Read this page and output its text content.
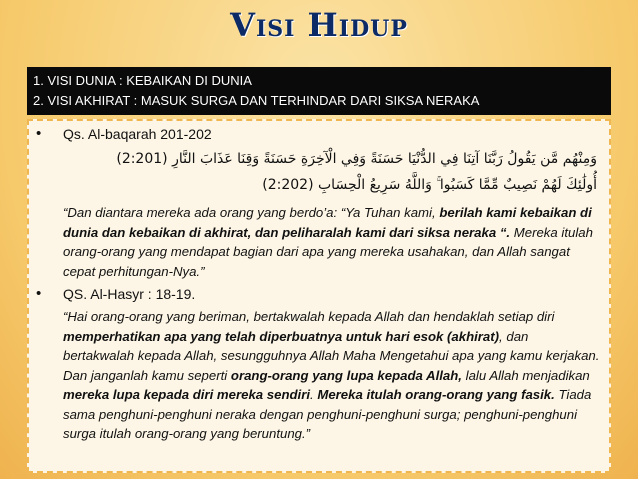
Visi Hidup
1. VISI DUNIA : KEBAIKAN DI DUNIA
2. VISI AKHIRAT : MASUK SURGA DAN TERHINDAR DARI SIKSA NERAKA
• Qs. Al-baqarah 201-202
وَمِنْهُم مَّن يَقُولُ رَبَّنَا آتِنَا فِي الدُّنْيَا حَسَنَةً وَفِي الْآخِرَةِ حَسَنَةً وَقِنَا عَذَابَ النَّارِ (2:201)
أُولَٰئِكَ لَهُمْ نَصِيبٌ مِّمَّا كَسَبُوا ۚ وَاللَّهُ سَرِيعُ الْحِسَابِ (2:202)
“Dan diantara mereka ada orang yang berdo’a: “Ya Tuhan kami, berilah kami kebaikan di dunia dan kebaikan di akhirat, dan peliharalah kami dari siksa neraka “. Mereka itulah orang-orang yang mendapat bagian dari apa yang mereka usahakan, dan Allah sangat cepat perhitungan-Nya.”
• QS. Al-Hasyr : 18-19.
“Hai orang-orang yang beriman, bertakwalah kepada Allah dan hendaklah setiap diri memperhatikan apa yang telah diperbuatnya untuk hari esok (akhirat), dan bertakwalah kepada Allah, sesungguhnya Allah Maha Mengetahui apa yang kamu kerjakan. Dan janganlah kamu seperti orang-orang yang lupa kepada Allah, lalu Allah menjadikan mereka lupa kepada diri mereka sendiri. Mereka itulah orang-orang yang fasik. Tiada sama penghuni-penghuni neraka dengan penghuni-penghuni surga; penghuni-penghuni surga itulah orang-orang yang beruntung.”
